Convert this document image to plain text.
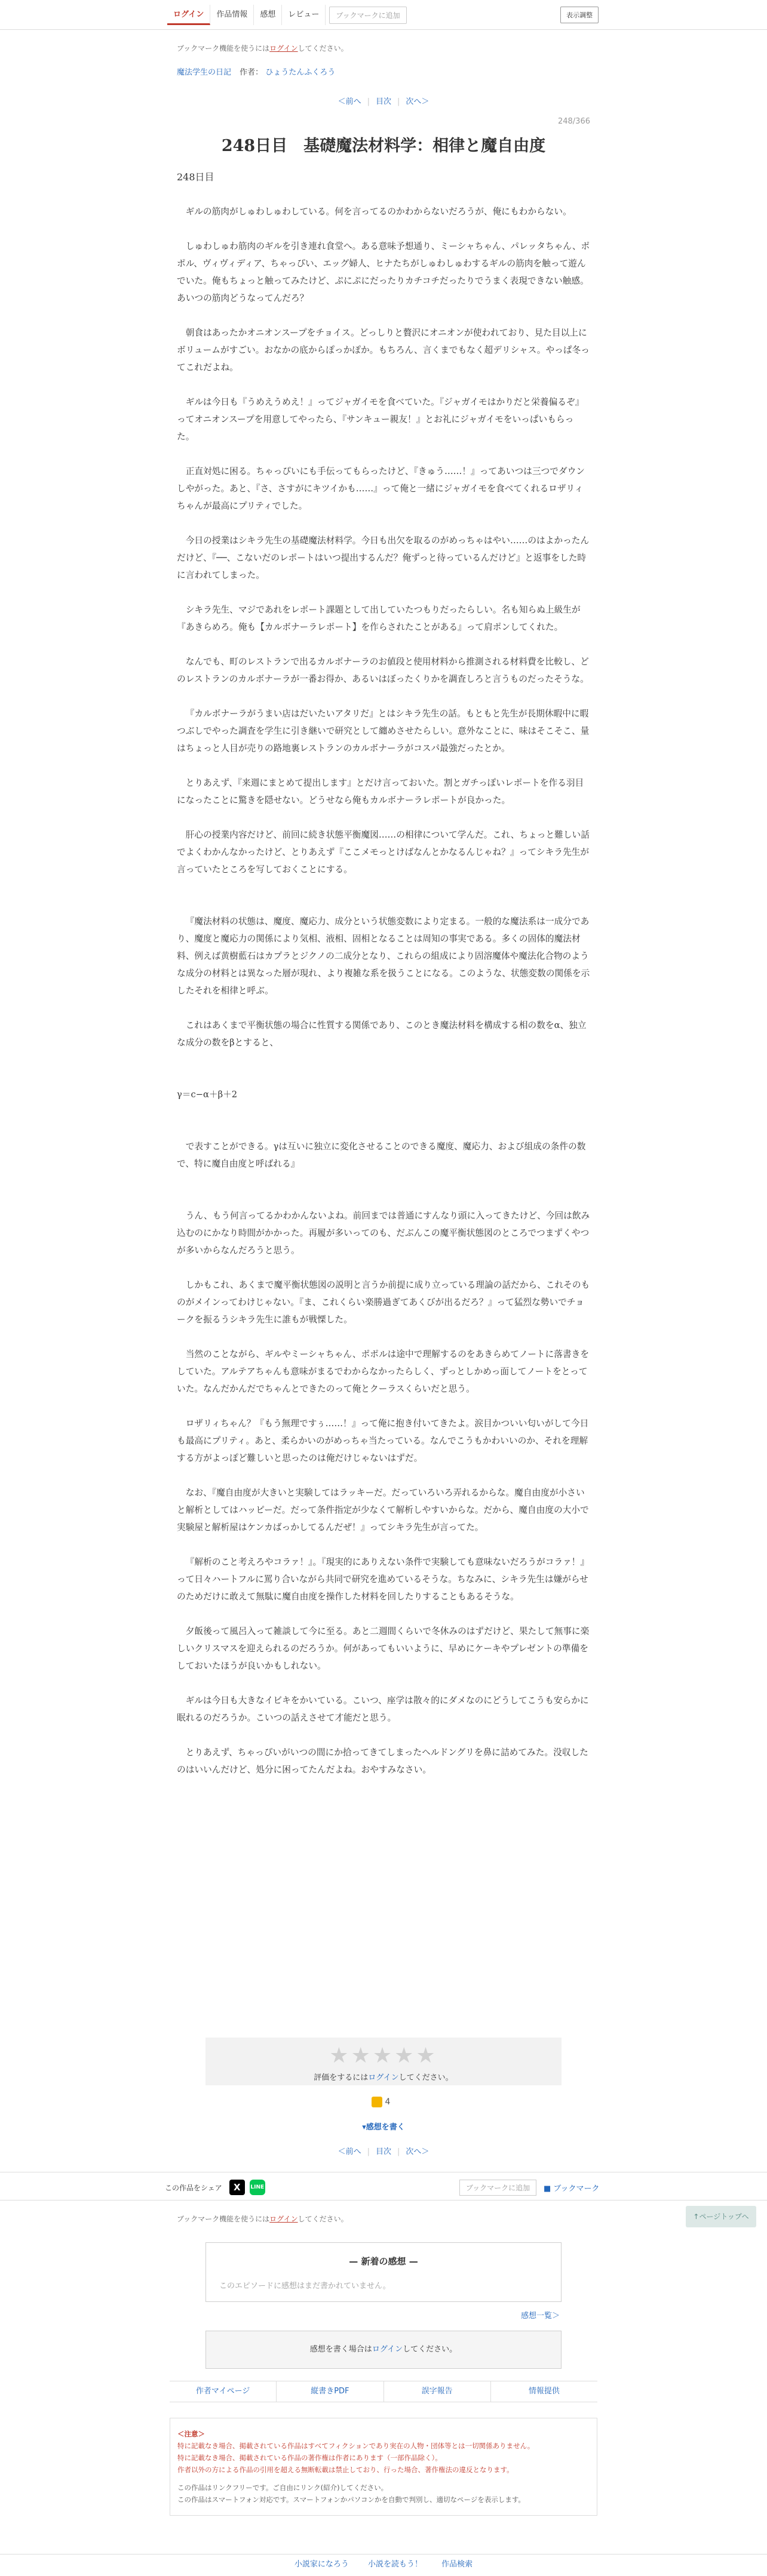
ログイン	作品情報	感想	レビュー	ブックマークに追加	表示調整
ブックマーク機能を使うにはログインしてください。
魔法学生の日記 作者： ひょうたんふくろう
＜前へ | 目次 | 次へ＞
248/366
248日目　基礎魔法材料学：相律と魔自由度
248日目

ギルの筋肉がしゅわしゅわしている。何を言ってるのかわからないだろうが、俺にもわからない。

しゅわしゅわ筋肉のギルを引き連れ食堂へ。ある意味予想通り、ミーシャちゃん、パレッタちゃん、ポポル、ヴィヴィディア、ちゃっぴい、エッグ婦人、ヒナたちがしゅわしゅわするギルの筋肉を触って遊んでいた。俺もちょっと触ってみたけど、ぷにぷにだったりカチコチだったりでうまく表現できない触感。あいつの筋肉どうなってんだろ？

朝食はあったかオニオンスープをチョイス。どっしりと贅沢にオニオンが使われており、見た目以上にボリュームがすごい。おなかの底からぽっかぽか。もちろん、言くまでもなく超デリシャス。やっぱ冬ってこれだよね。

ギルは今日も『うめえうめえ！』ってジャガイモを食べていた。『ジャガイモはかりだと栄養偏るぞ』ってオニオンスープを用意してやったら、『サンキュー親友！』とお礼にジャガイモをいっぱいもらった。

正直対処に困る。ちゃっぴいにも手伝ってもらったけど、『きゅう……！』ってあいつは三つでダウンしやがった。あと、『さ、さすがにキツイかも……』って俺と一緒にジャガイモを食べてくれるロザリィちゃんが最高にプリティでした。

今日の授業はシキラ先生の基礎魔法材料学。今日も出欠を取るのがめっちゃはやい……のはよかったんだけど、『──、こないだのレポートはいつ提出するんだ？俺ずっと待っているんだけど』と返事をした時に言われてしまった。

シキラ先生、マジであれをレポート課題として出していたつもりだったらしい。名も知らぬ上級生が『あきらめろ。俺も【カルボナーラレポート】を作らされたことがある』って肩ポンしてくれた。

なんでも、町のレストランで出るカルボナーラのお値段と使用材料から推測される材料費を比較し、どのレストランのカルボナーラが一番お得か、あるいはぼったくりかを調査しろと言うものだったそうな。

『カルボナーラがうまい店はだいたいアタリだ』とはシキラ先生の話。もともと先生が長期休暇中に暇つぶしでやった調査を学生に引き継いで研究として纏めさせたらしい。意外なことに、味はそこそこ、量はちょっと人目が売りの路地裏レストランのカルボナーラがコスパ最強だったとか。

とりあえず、『来週にまとめて提出します』とだけ言っておいた。割とガチっぽいレポートを作る羽目になったことに驚きを隠せない。どうせなら俺もカルボナーラレポートが良かった。

肝心の授業内容だけど、前回に続き状態平衡魔図……の相律について学んだ。これ、ちょっと難しい話でよくわかんなかったけど、とりあえず『ここメモっとけばなんとかなるんじゃね？』ってシキラ先生が言っていたところを写しておくことにする。

『魔法材料の状態は、魔度、魔応力、成分という状態変数により定まる。一般的な魔法系は一成分であり、魔度と魔応力の関係により気相、液相、固相となることは周知の事実である。多くの固体的魔法材料、例えば黄樹藍石はカプラとジクノの二成分となり、これらの組成により固溶魔体や魔法化合物のような成分の材料とは異なった層が現れ、より複雑な系を扱うことになる。このような、状態変数の関係を示したそれを相律と呼ぶ。

これはあくまで平衡状態の場合に性質する関係であり、このとき魔法材料を構成する相の数をα、独立な成分の数をβとすると、

γ＝c−α＋β＋2

で表すことができる。γは互いに独立に変化させることのできる魔度、魔応力、および組成の条件の数で、特に魔自由度と呼ばれる』

うん、もう何言ってるかわかんないよね。前回までは普通にすんなり頭に入ってきたけど、今回は飲み込むのにかなり時間がかかった。再履が多いってのも、だぶんこの魔平衡状態図のところでつまずくやつが多いからなんだろうと思う。

しかもこれ、あくまで魔平衡状態図の説明と言うか前提に成り立っている理論の話だから、これそのものがメインってわけじゃない。『ま、これくらい楽勝過ぎてあくびが出るだろ？』って猛烈な勢いでチョークを振るうシキラ先生に誰もが戦慄した。

当然のことながら、ギルやミーシャちゃん、ポポルは途中で理解するのをあきらめてノートに落書きをしていた。アルテアちゃんも意味がまるでわからなかったらしく、ずっとしかめっ面してノートをとっていた。なんだかんだでちゃんとできたのって俺とクーラスくらいだと思う。

ロザリィちゃん？『もう無理ですぅ……！』って俺に抱き付いてきたよ。涙目かついい匂いがして今日も最高にプリティ。あと、柔らかいのがめっちゃ当たっている。なんでこうもかわいいのか、それを理解する方がよっぽど難しいと思ったのは俺だけじゃないはずだ。

なお、『魔自由度が大きいと実験してはラッキーだ。だっていろいろ弄れるからな。魔自由度が小さいと解析としてはハッピーだ。だって条件指定が少なくて解析しやすいからな。だから、魔自由度の大小で実験屋と解析屋はケンカばっかしてるんだぜ！』ってシキラ先生が言ってた。

『解析のこと考えろやコラァ！』。『現実的にありえない条件で実験しても意味ないだろうがコラァ！』って日々ハートフルに罵り合いながら共同で研究を進めているそうな。ちなみに、シキラ先生は嫌がらせのためだけに敢えて無駄に魔自由度を操作した材料を回したりすることもあるそうな。

夕飯後って風呂入って雑談して今に至る。あと二週間くらいで冬休みのはずだけど、果たして無事に楽しいクリスマスを迎えられるのだろうか。何があってもいいように、早めにケーキやプレゼントの準備をしておいたほうが良いかもしれない。

ギルは今日も大きなイビキをかいている。こいつ、座学は散々的にダメなのにどうしてこうも安らかに眠れるのだろうか。こいつの話えさせて才能だと思う。

とりあえず、ちゃっぴいがいつの間にか拾ってきてしまったヘルドングリを鼻に詰めてみた。没収したのはいいんだけど、処分に困ってたんだよね。おやすみなさい。

★★★★★
評価をするにはログインしてください。
4
▾感想を書く
＜前へ | 目次 | 次へ＞
この作品をシェア	X	LINE	ブックマークに追加	■ ブックマーク
ブックマーク機能を使うにはログインしてください。	↑ページトップへ
— 新着の感想 —
このエピソードに感想はまだ書かれていません。
感想一覧＞
感想を書く場合はログインしてください。
作者マイページ	縦書きPDF	誤字報告	情報提供
＜注意＞
特に記載なき場合、掲載されている作品はすべてフィクションであり実在の人物・団体等とは一切関係ありません。
特に記載なき場合、掲載されている作品の著作権は作者にあります（一部作品除く）。
作者以外の方による作品の引用を超える無断転載は禁止しており、行った場合、著作権法の違反となります。
この作品はリンクフリーです。ご自由にリンク(紹介)してください。
この作品はスマートフォン対応です。スマートフォンかパソコンかを自動で判別し、適切なページを表示します。
小説家になろう 小説を読もう！ 作品検索
